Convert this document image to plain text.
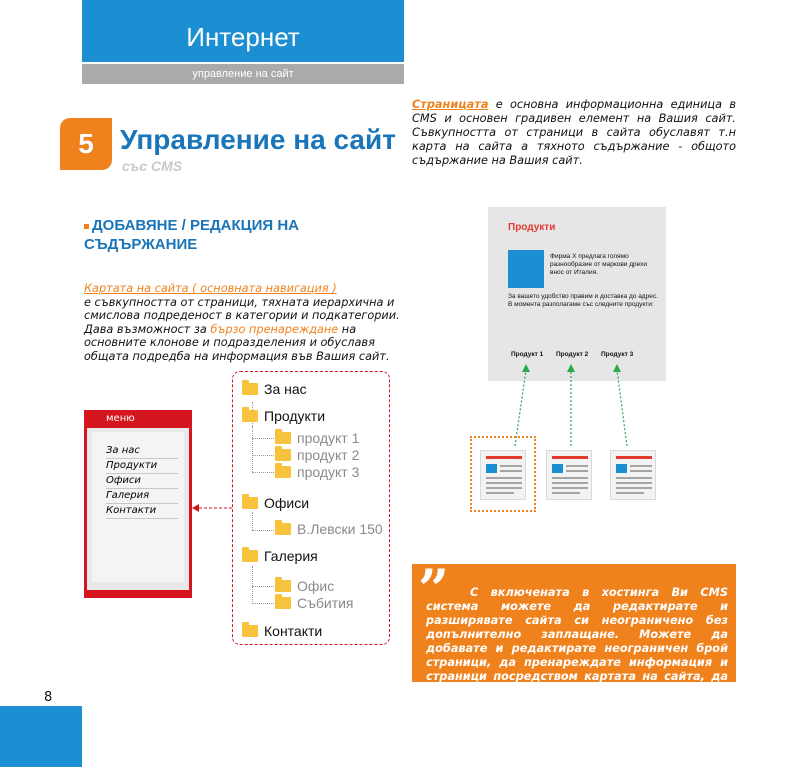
Интернет
управление на сайт
5 Управление на сайт
със CMS
Страницата е основна информационна единица в CMS и основен градивен елемент на Вашия сайт. Съвкупността от страници в сайта обуславят т.н карта на сайта а тяхното съдържание - общото съдържание на Вашия сайт.
ДОБАВЯНЕ / РЕДАКЦИЯ НА
СЪДЪРЖАНИЕ
Картата на сайта ( основната навигация )
е съвкупността от страници, тяхната иерархична и смислова подреденост в категории и подкатегории. Дава възможност за бързо пренареждане на основните клонове и подразделения и обуславя общата подредба на информация във Вашия сайт.
меню
За нас
Продукти
Офиси
Галерия
Контакти
За нас
Продукти
продукт 1
продукт 2
продукт 3
Офиси
В.Левски 150
Галерия
Офис
Събития
Контакти
Продукти
Фирма Х предлага голямо разнообразие от маркови дрехи внос от Италия.
За вашето удобство правим и доставка до адрес. В момента разполагаме със следните продукти:
Продукт 1 Продукт 2 Продукт 3
”	С включената в хостинга Ви CMS система можете да редактирате и разширявате сайта си неограничено без допълнително заплащане. Можете да добавате и редактирате неограничен брой страници, да пренареждате информация и страници посредством картата на сайта, да давате или ограничавате достъп до тях и т.н.
8
